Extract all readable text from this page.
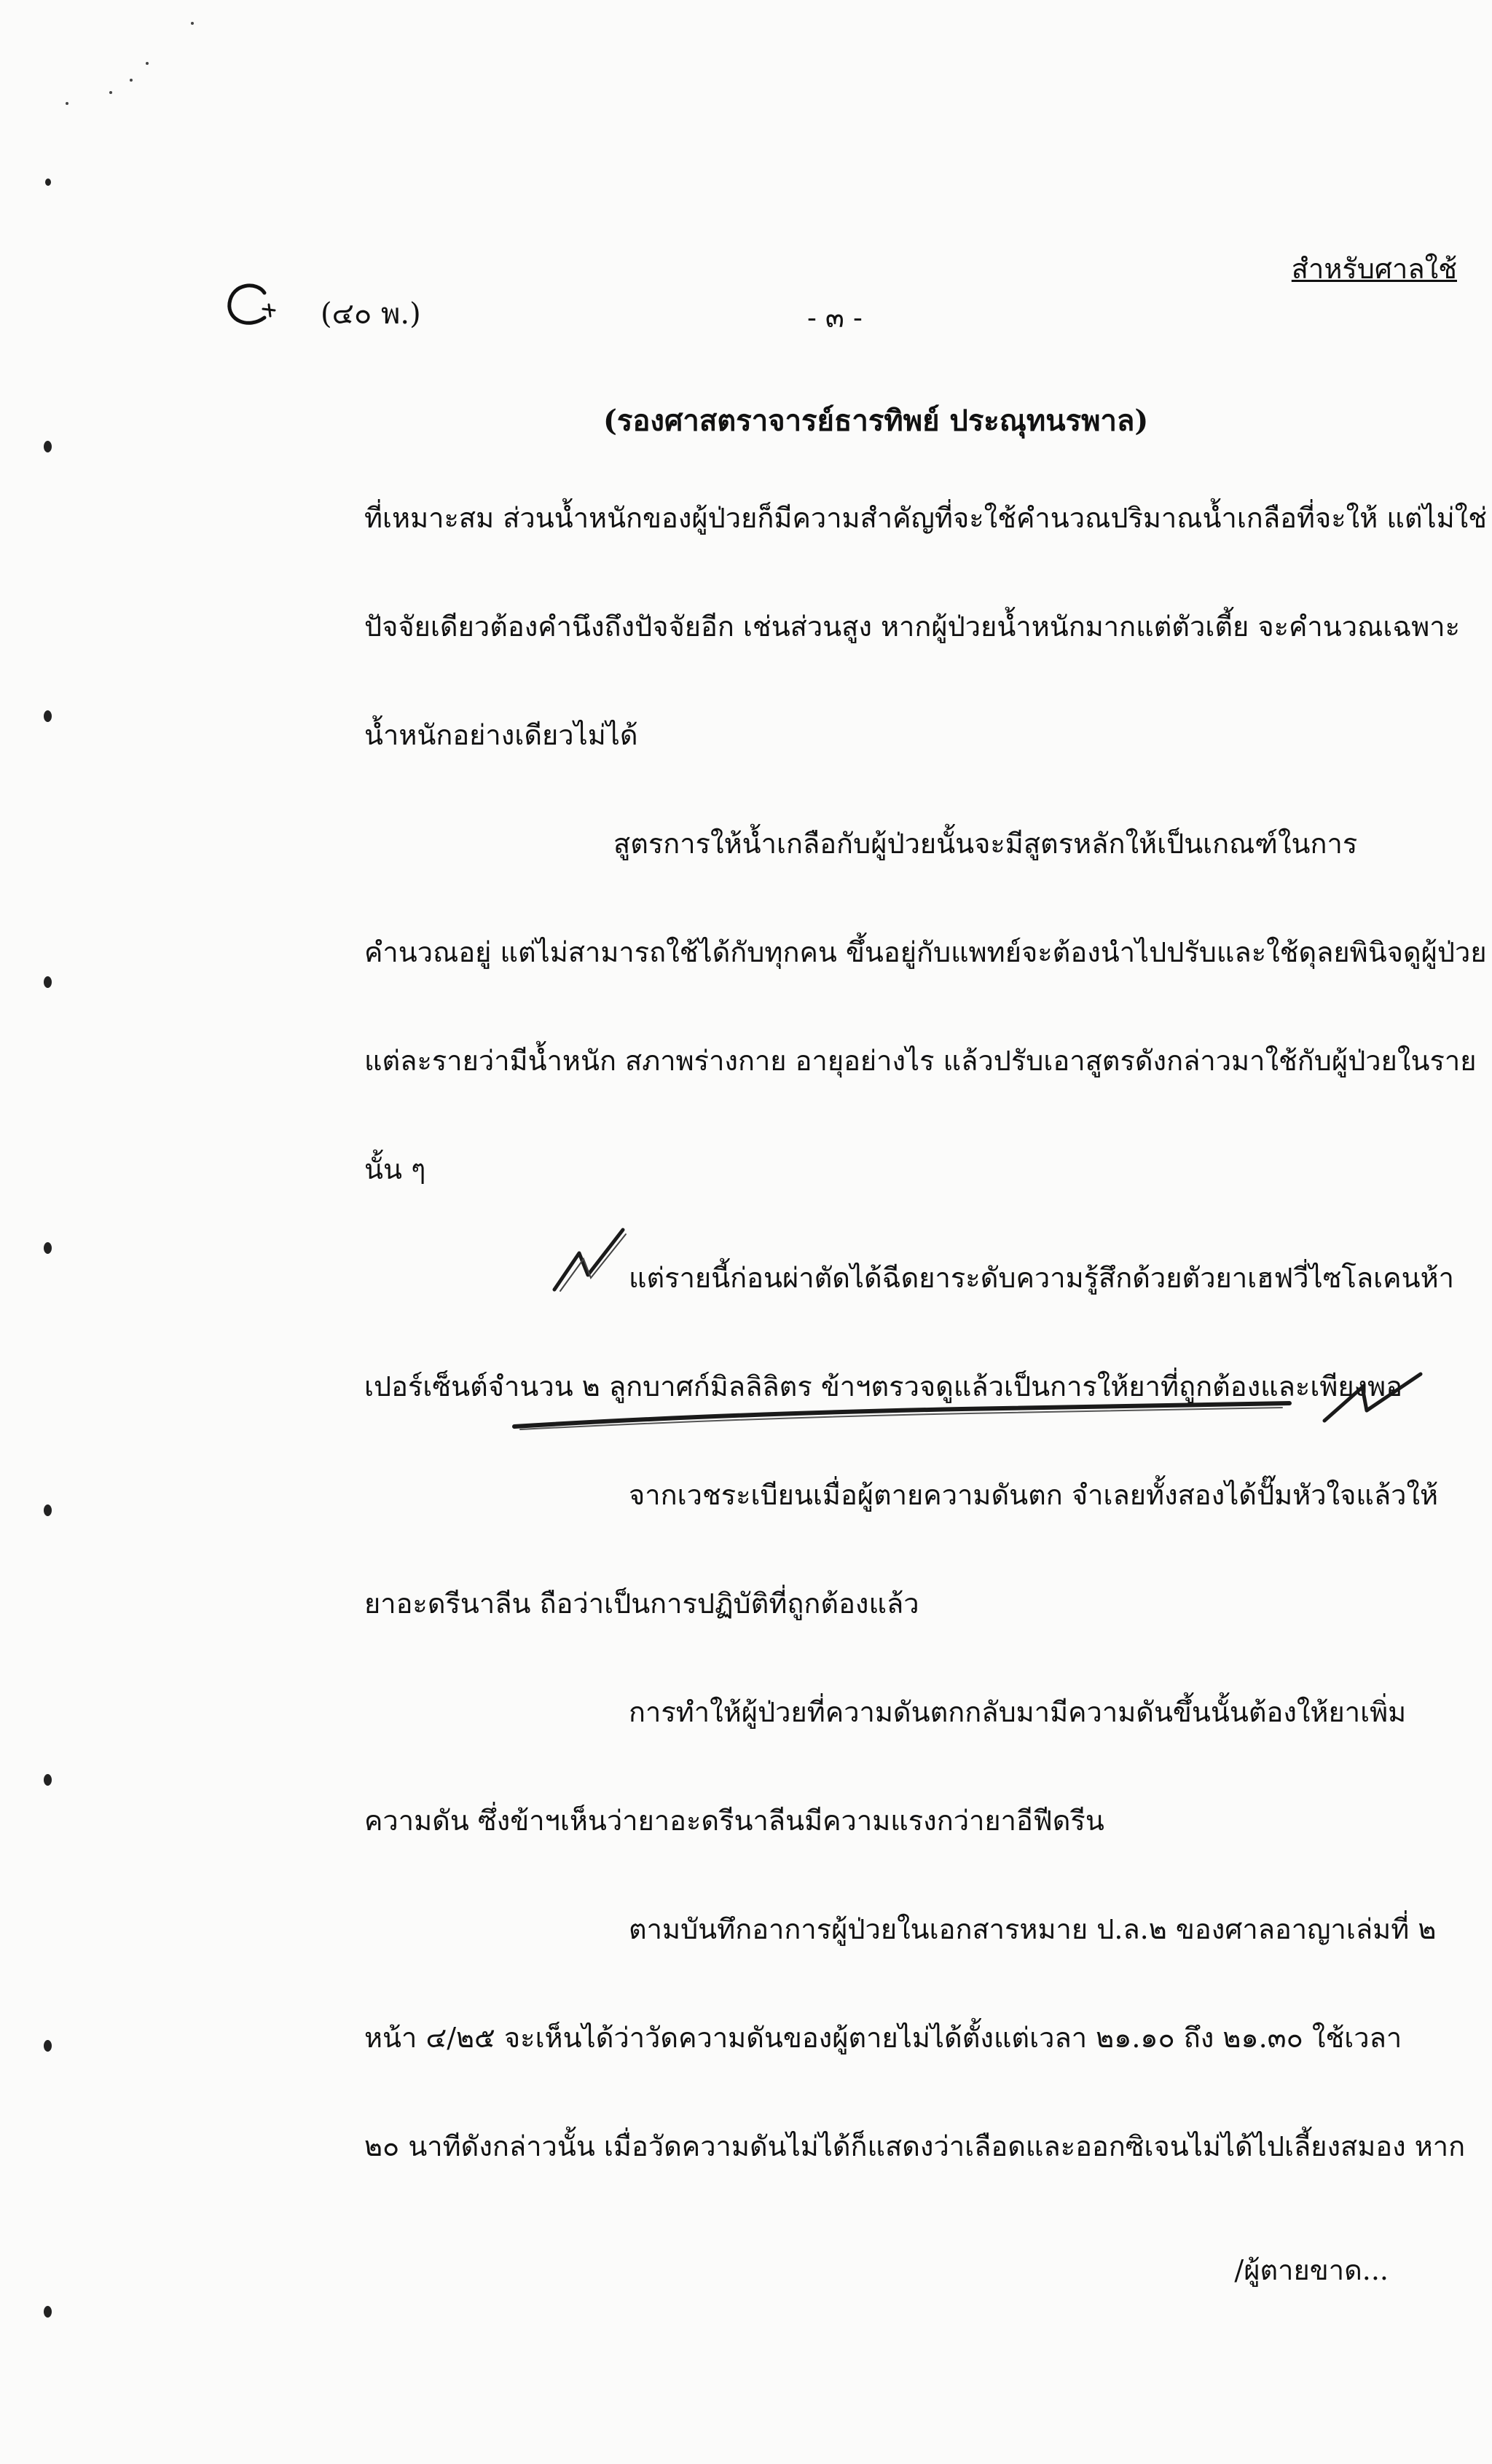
สำหรับศาลใช้
(๔๐ พ.)	- ๓ -
(รองศาสตราจารย์ธารทิพย์ ประณุทนรพาล)
ที่เหมาะสม ส่วนน้ำหนักของผู้ป่วยก็มีความสำคัญที่จะใช้คำนวณปริมาณน้ำเกลือที่จะให้ แต่ไม่ใช่
ปัจจัยเดียวต้องคำนึงถึงปัจจัยอีก เช่นส่วนสูง หากผู้ป่วยน้ำหนักมากแต่ตัวเตี้ย จะคำนวณเฉพาะ
น้ำหนักอย่างเดียวไม่ได้
สูตรการให้น้ำเกลือกับผู้ป่วยนั้นจะมีสูตรหลักให้เป็นเกณฑ์ในการ
คำนวณอยู่ แต่ไม่สามารถใช้ได้กับทุกคน ขึ้นอยู่กับแพทย์จะต้องนำไปปรับและใช้ดุลยพินิจดูผู้ป่วย
แต่ละรายว่ามีน้ำหนัก สภาพร่างกาย อายุอย่างไร แล้วปรับเอาสูตรดังกล่าวมาใช้กับผู้ป่วยในราย
นั้น ๆ
แต่รายนี้ก่อนผ่าตัดได้ฉีดยาระดับความรู้สึกด้วยตัวยาเฮฟวี่ไซโลเคนห้า
เปอร์เซ็นต์จำนวน ๒ ลูกบาศก์มิลลิลิตร ข้าฯตรวจดูแล้วเป็นการให้ยาที่ถูกต้องและเพียงพอ
จากเวชระเบียนเมื่อผู้ตายความดันตก จำเลยทั้งสองได้ปั๊มหัวใจแล้วให้
ยาอะดรีนาลีน ถือว่าเป็นการปฏิบัติที่ถูกต้องแล้ว
การทำให้ผู้ป่วยที่ความดันตกกลับมามีความดันขึ้นนั้นต้องให้ยาเพิ่ม
ความดัน ซึ่งข้าฯเห็นว่ายาอะดรีนาลีนมีความแรงกว่ายาอีฟีดรีน
ตามบันทึกอาการผู้ป่วยในเอกสารหมาย ป.ล.๒ ของศาลอาญาเล่มที่ ๒
หน้า ๔/๒๕ จะเห็นได้ว่าวัดความดันของผู้ตายไม่ได้ตั้งแต่เวลา ๒๑.๑๐ ถึง ๒๑.๓๐ ใช้เวลา
๒๐ นาทีดังกล่าวนั้น เมื่อวัดความดันไม่ได้ก็แสดงว่าเลือดและออกซิเจนไม่ได้ไปเลี้ยงสมอง หาก
/ผู้ตายขาด...
